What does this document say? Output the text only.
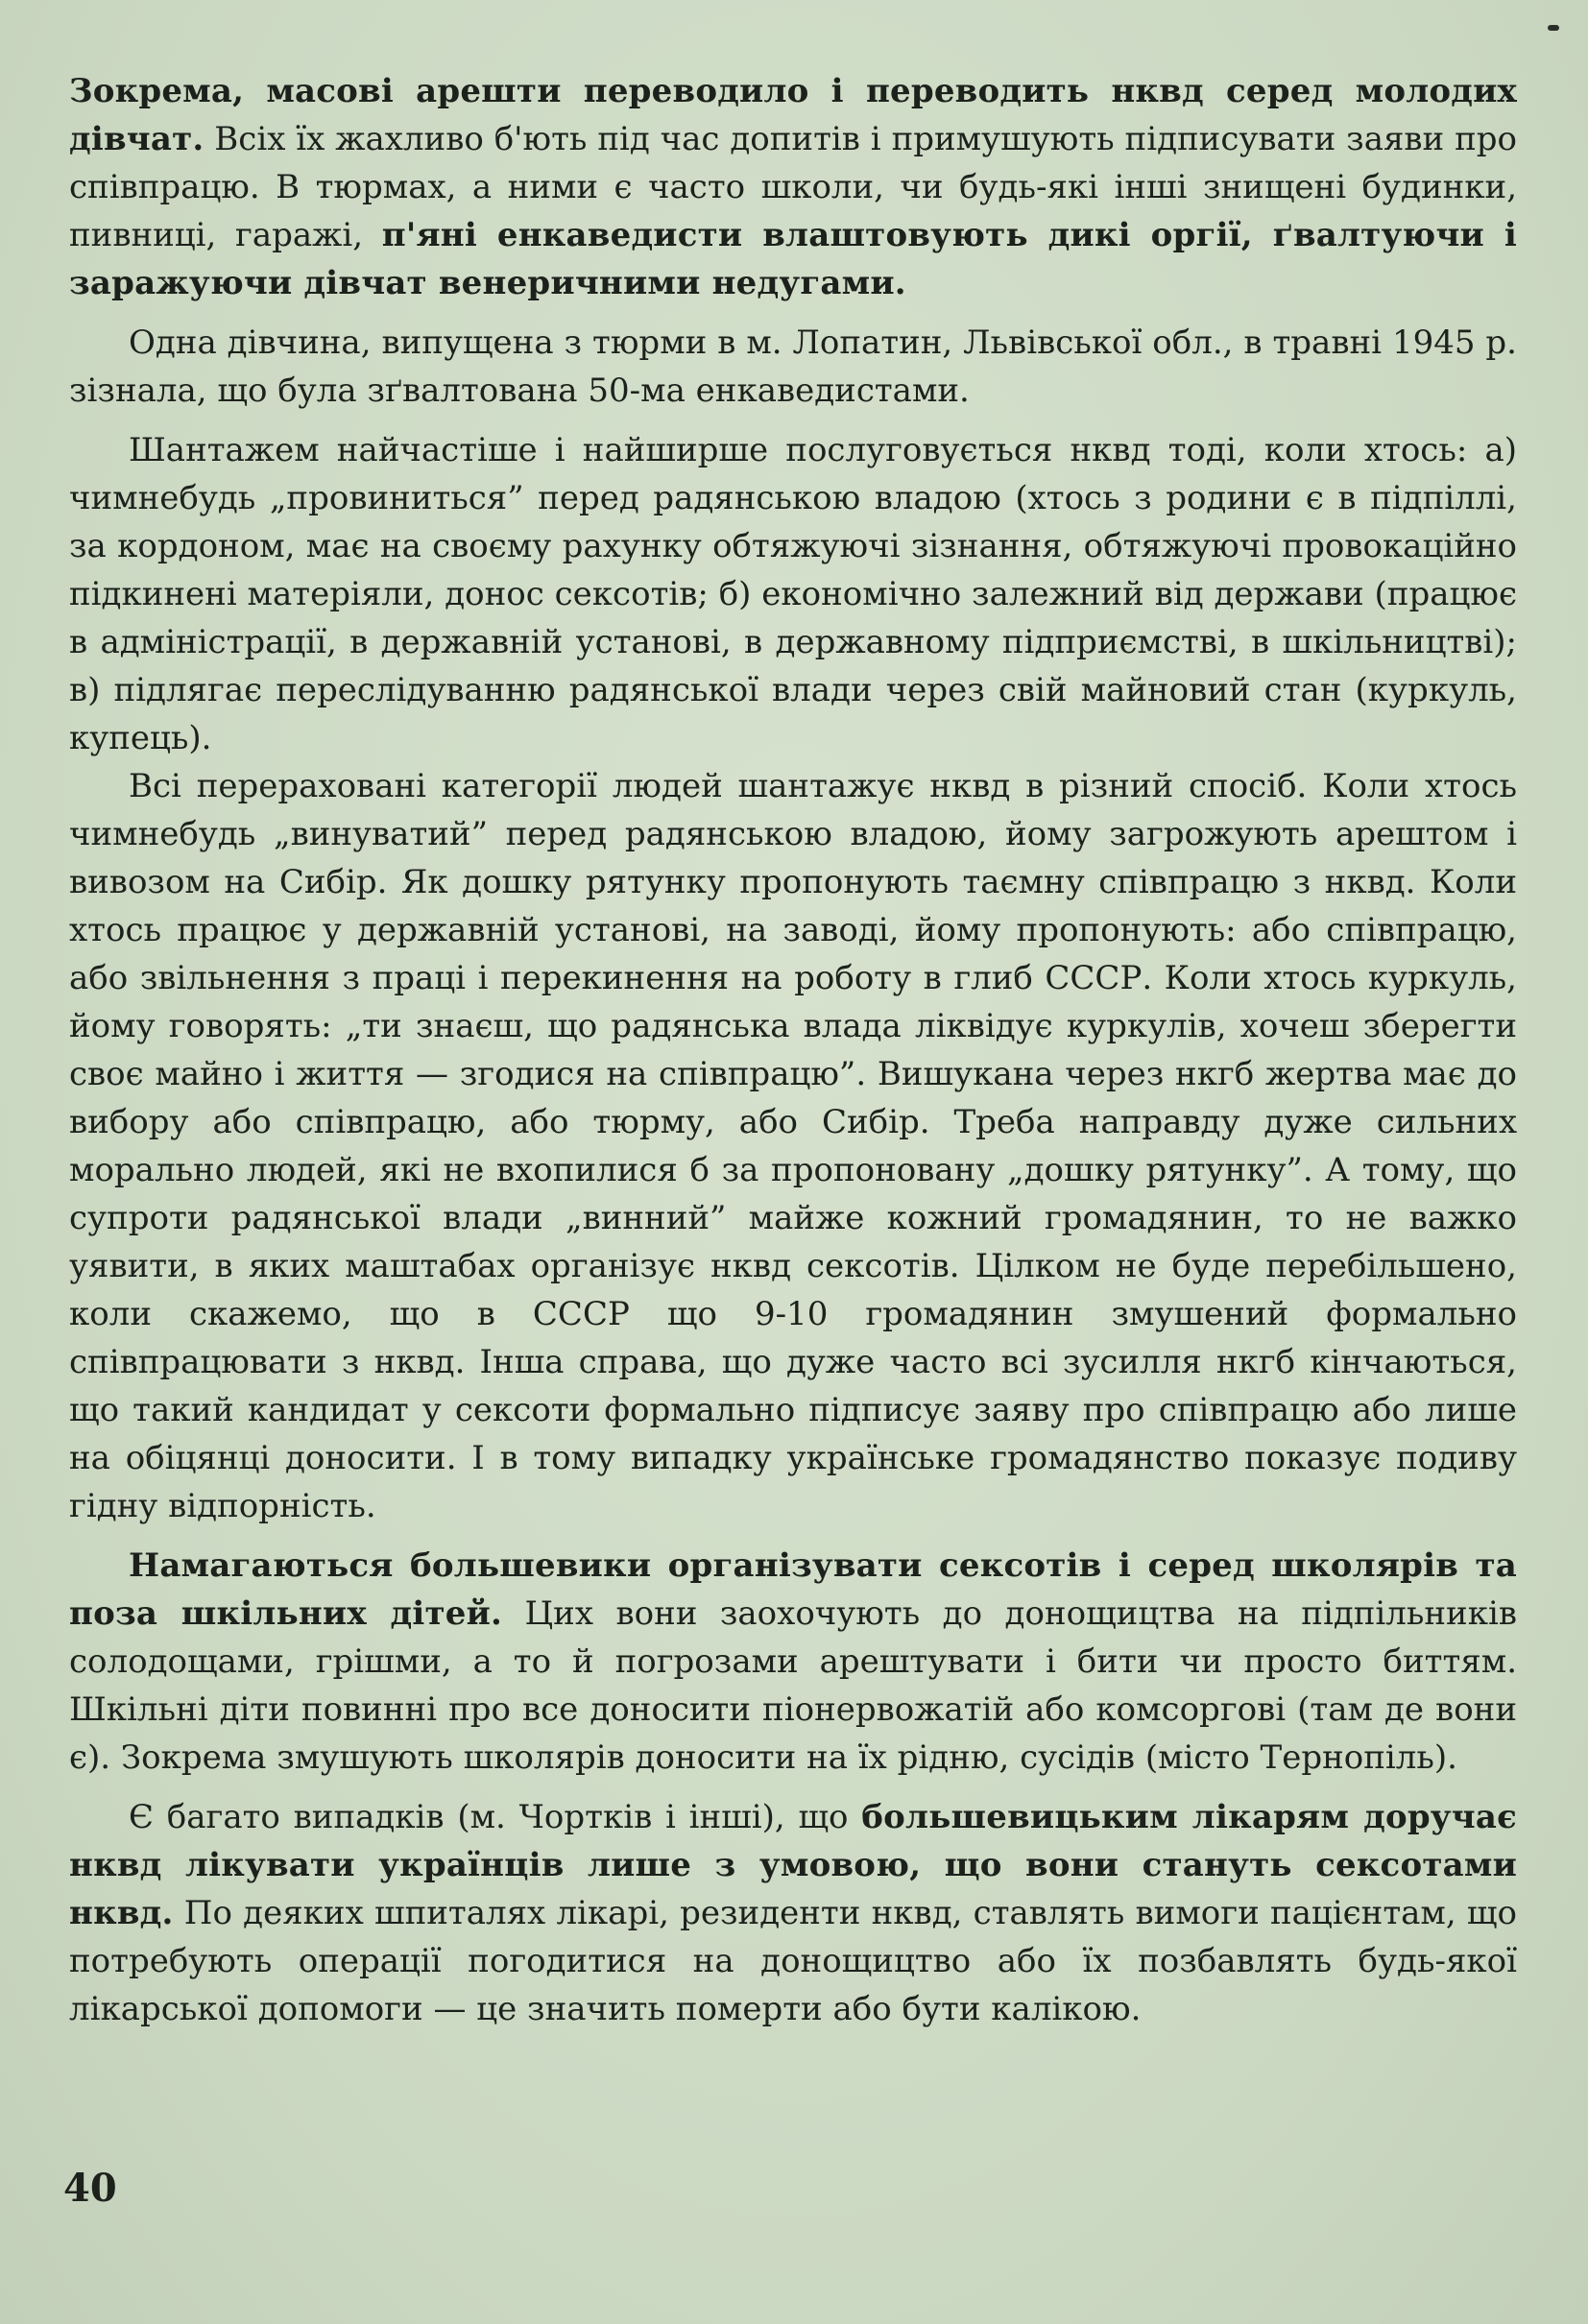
Зокрема, масові арешти переводило і переводить нквд серед молодих дівчат. Всіх їх жахливо б'ють під час допитів і примушують підписувати заяви про співпрацю. В тюрмах, а ними є часто школи, чи будь-які інші знищені будинки, пивниці, гаражі, п'яні енкаведисти влаштовують дикі оргії, ґвалтуючи і заражуючи дівчат венеричними недугами.

Одна дівчина, випущена з тюрми в м. Лопатин, Львівської обл., в травні 1945 р. зізнала, що була зґвалтована 50-ма енкаведистами.

Шантажем найчастіше і найширше послуговується нквд тоді, коли хтось: а) чимнебудь „провиниться” перед радянською владою (хтось з родини є в підпіллі, за кордоном, має на своєму рахунку обтяжуючі зізнання, обтяжуючі провокаційно підкинені матеріяли, донос сексотів; б) економічно залежний від держави (працює в адміністрації, в державній установі, в державному підприємстві, в шкільництві); в) підлягає переслідуванню радянської влади через свій майновий стан (куркуль, купець).

Всі перераховані категорії людей шантажує нквд в різний спосіб. Коли хтось чимнебудь „винуватий” перед радянською владою, йому загрожують арештом і вивозом на Сибір. Як дошку рятунку пропонують таємну співпрацю з нквд. Коли хтось працює у державній установі, на заводі, йому пропонують: або співпрацю, або звільнення з праці і перекинення на роботу в глиб СССР. Коли хтось куркуль, йому говорять: „ти знаєш, що радянська влада ліквідує куркулів, хочеш зберегти своє майно і життя — згодися на співпрацю”. Вишукана через нкгб жертва має до вибору або співпрацю, або тюрму, або Сибір. Треба направду дуже сильних морально людей, які не вхопилися б за пропоновану „дошку рятунку”. А тому, що супроти радянської влади „винний” майже кожний громадянин, то не важко уявити, в яких маштабах організує нквд сексотів. Цілком не буде перебільшено, коли скажемо, що в СССР що 9-10 громадянин змушений формально співпрацювати з нквд. Інша справа, що дуже часто всі зусилля нкгб кінчаються, що такий кандидат у сексоти формально підписує заяву про співпрацю або лише на обіцянці доносити. І в тому випадку українське громадянство показує подиву гідну відпорність.

Намагаються большевики організувати сексотів і серед школярів та поза шкільних дітей. Цих вони заохочують до донощицтва на підпільників солодощами, грішми, а то й погрозами арештувати і бити чи просто биттям. Шкільні діти повинні про все доносити піонервожатій або комсоргові (там де вони є). Зокрема змушують школярів доносити на їх рідню, сусідів (місто Тернопіль).

Є багато випадків (м. Чортків і інші), що большевицьким лікарям доручає нквд лікувати українців лише з умовою, що вони стануть сексотами нквд. По деяких шпиталях лікарі, резиденти нквд, ставлять вимоги пацієнтам, що потребують операції погодитися на донощицтво або їх позбавлять будь-якої лікарської допомоги — це значить померти або бути калікою.

40
